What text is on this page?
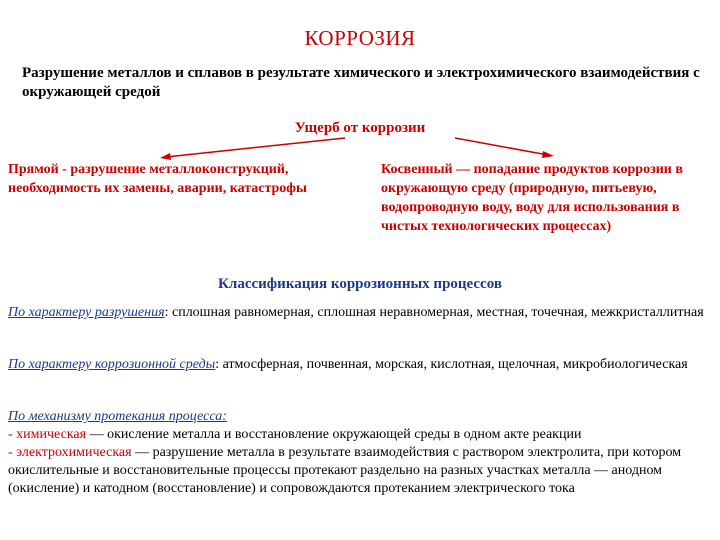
КОРРОЗИЯ
Разрушение металлов и сплавов в результате химического и электрохимического взаимодействия с окружающей средой
Ущерб от коррозии
Прямой - разрушение металлоконструкций, необходимость их замены, аварии, катастрофы
Косвенный — попадание продуктов коррозии в окружающую среду (природную, питьевую, водопроводную воду, воду для использования в чистых технологических процессах)
Классификация коррозионных процессов
По характеру разрушения: сплошная равномерная, сплошная неравномерная, местная, точечная, межкристаллитная
По характеру коррозионной среды: атмосферная, почвенная, морская, кислотная, щелочная, микробиологическая
По механизму протекания процесса:
- химическая — окисление металла и восстановление окружающей среды в одном акте реакции
- электрохимическая — разрушение металла в результате взаимодействия с раствором электролита, при котором окислительные и восстановительные процессы протекают раздельно на разных участках металла — анодном (окисление) и катодном (восстановление) и сопровождаются протеканием электрического тока
